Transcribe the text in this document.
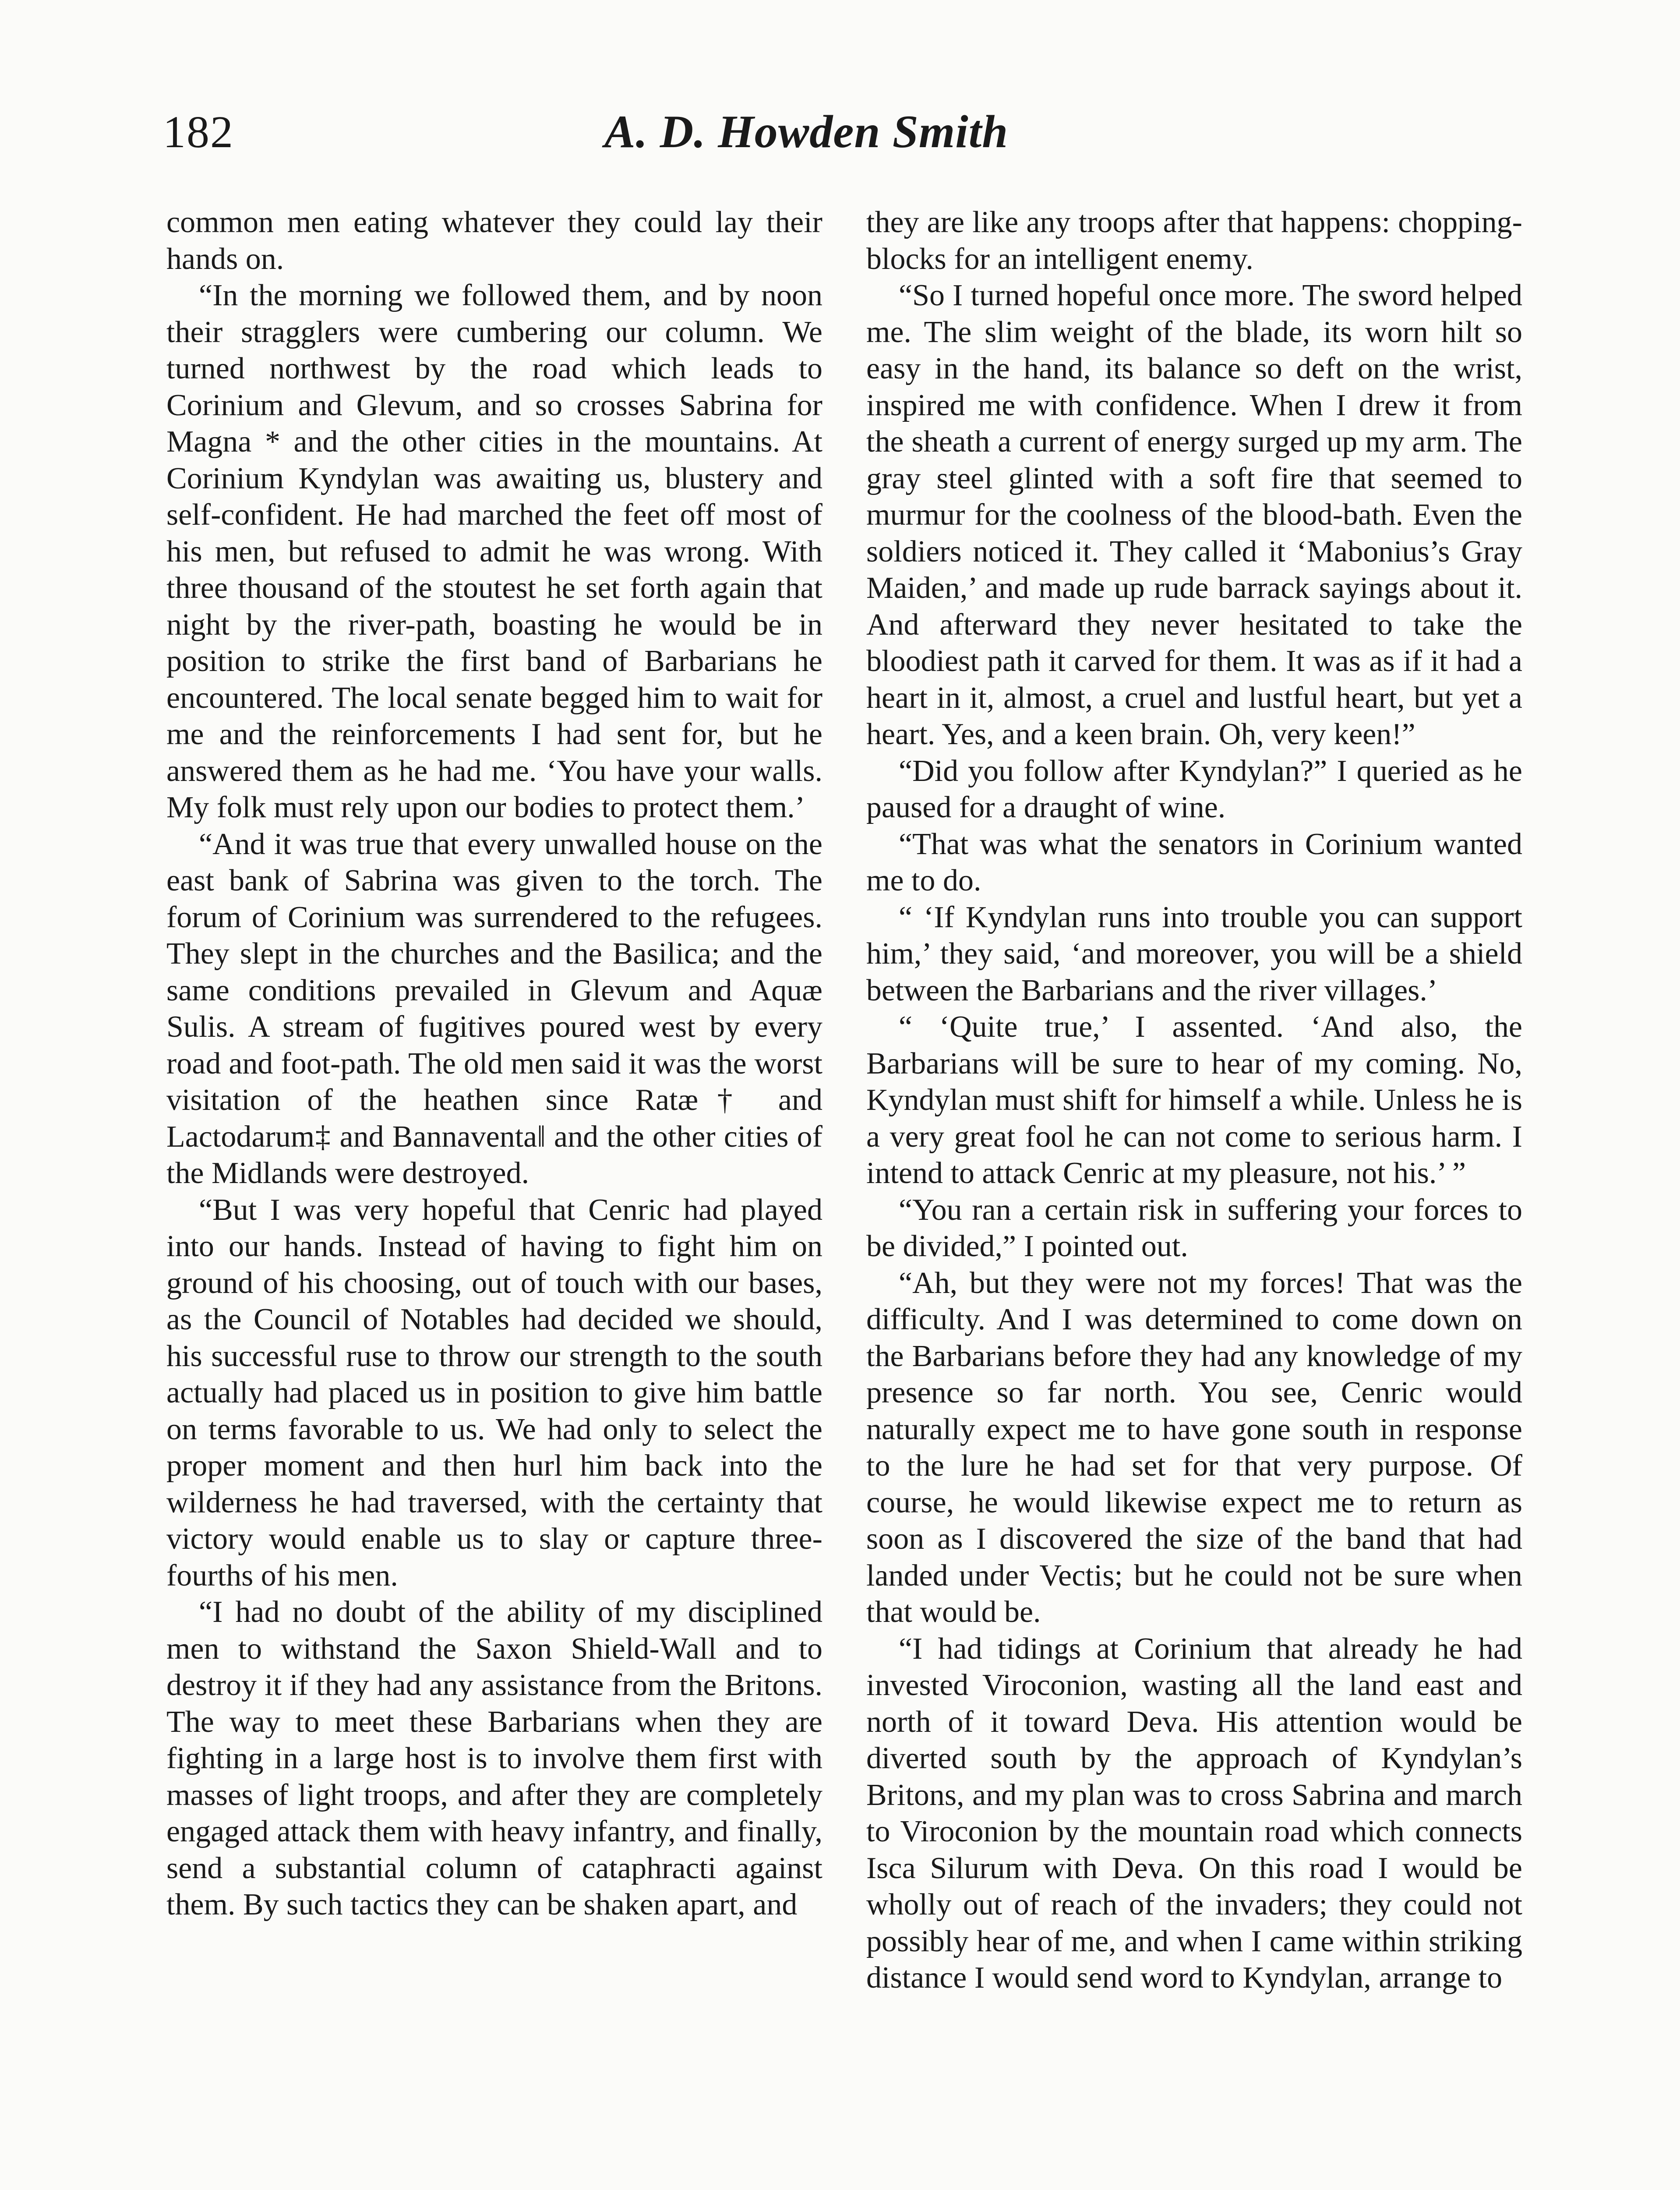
182	A. D. Howden Smith

common men eating whatever they could lay their hands on.

“In the morning we followed them, and by noon their stragglers were cumbering our column. We turned northwest by the road which leads to Corinium and Glevum, and so crosses Sabrina for Magna * and the other cities in the mountains. At Corinium Kyndylan was awaiting us, blustery and self-confident. He had marched the feet off most of his men, but refused to admit he was wrong. With three thousand of the stoutest he set forth again that night by the river-path, boasting he would be in position to strike the first band of Barbarians he encountered. The local senate begged him to wait for me and the reinforcements I had sent for, but he answered them as he had me. ‘You have your walls. My folk must rely upon our bodies to protect them.’

“And it was true that every unwalled house on the east bank of Sabrina was given to the torch. The forum of Corinium was surrendered to the refugees. They slept in the churches and the Basilica; and the same conditions prevailed in Glevum and Aquæ Sulis. A stream of fugitives poured west by every road and foot-path. The old men said it was the worst visitation of the heathen since Ratæ† and Lactodarum‡ and Bannaventa‖ and the other cities of the Midlands were destroyed.

“But I was very hopeful that Cenric had played into our hands. Instead of having to fight him on ground of his choosing, out of touch with our bases, as the Council of Notables had decided we should, his successful ruse to throw our strength to the south actually had placed us in position to give him battle on terms favorable to us. We had only to select the proper moment and then hurl him back into the wilderness he had traversed, with the certainty that victory would enable us to slay or capture three-fourths of his men.

“I had no doubt of the ability of my disciplined men to withstand the Saxon Shield-Wall and to destroy it if they had any assistance from the Britons. The way to meet these Barbarians when they are fighting in a large host is to involve them first with masses of light troops, and after they are completely engaged attack them with heavy infantry, and finally, send a substantial column of cataphracti against them. By such tactics they can be shaken apart, and

they are like any troops after that happens: chopping-blocks for an intelligent enemy.

“So I turned hopeful once more. The sword helped me. The slim weight of the blade, its worn hilt so easy in the hand, its balance so deft on the wrist, inspired me with confidence. When I drew it from the sheath a current of energy surged up my arm. The gray steel glinted with a soft fire that seemed to murmur for the coolness of the blood-bath. Even the soldiers noticed it. They called it ‘Mabonius’s Gray Maiden,’ and made up rude barrack sayings about it. And afterward they never hesitated to take the bloodiest path it carved for them. It was as if it had a heart in it, almost, a cruel and lustful heart, but yet a heart. Yes, and a keen brain. Oh, very keen!”

“Did you follow after Kyndylan?” I queried as he paused for a draught of wine.

“That was what the senators in Corinium wanted me to do.

“ ‘If Kyndylan runs into trouble you can support him,’ they said, ‘and moreover, you will be a shield between the Barbarians and the river villages.’

“ ‘Quite true,’ I assented. ‘And also, the Barbarians will be sure to hear of my coming. No, Kyndylan must shift for himself a while. Unless he is a very great fool he can not come to serious harm. I intend to attack Cenric at my pleasure, not his.’ ”

“You ran a certain risk in suffering your forces to be divided,” I pointed out.

“Ah, but they were not my forces! That was the difficulty. And I was determined to come down on the Barbarians before they had any knowledge of my presence so far north. You see, Cenric would naturally expect me to have gone south in response to the lure he had set for that very purpose. Of course, he would likewise expect me to return as soon as I discovered the size of the band that had landed under Vectis; but he could not be sure when that would be.

“I had tidings at Corinium that already he had invested Viroconion, wasting all the land east and north of it toward Deva. His attention would be diverted south by the approach of Kyndylan’s Britons, and my plan was to cross Sabrina and march to Viroconion by the mountain road which connects Isca Silurum with Deva. On this road I would be wholly out of reach of the invaders; they could not possibly hear of me, and when I came within striking distance I would send word to Kyndylan, arrange to
